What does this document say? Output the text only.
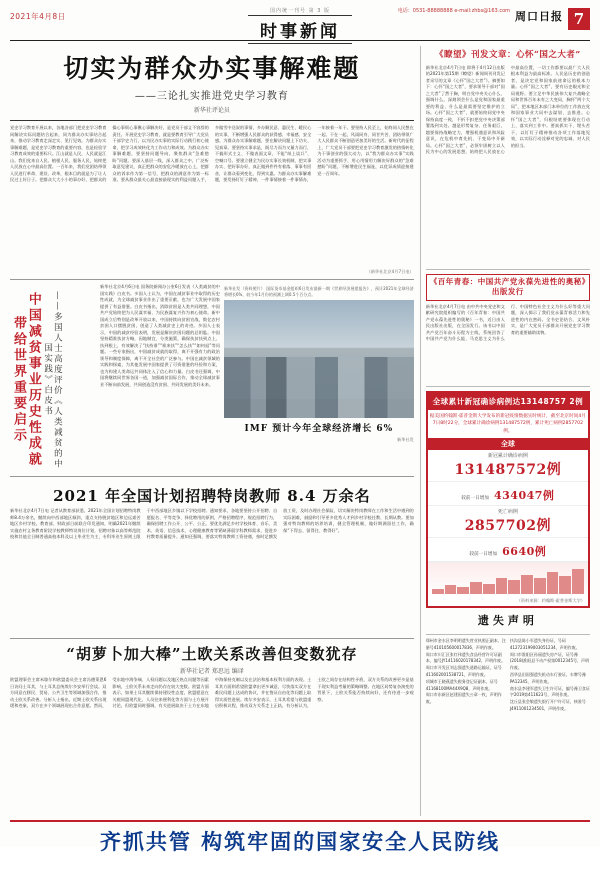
2021年4月8日
国内统一刊号 第 3 版
时事新闻
电话：0531-88888888 e-mail:zhbs@163.com 周口日报 7
切实为群众办实事解难题
——三论扎实推进党史学习教育
新华社评论员
党史学习教育开展以来，各地各部门把党史学习教育同解决实际问题结合起来，同为群众办实事结合起来，推动学习教育走深走实、见行见效。为群众办实事解难题，是党史学习教育的重要内容，也是检验学习教育成效的重要标尺。江山就是人民，人民就是江山。我们党来自人民、植根人民、服务人民，始终把人民放在心中最高位置。一百年来，我们党团结带领人民进行革命、建设、改革，根本目的就是为了让人民过上好日子。把群众大大小小的事办好，把群众的操心事烦心事揪心事解决好，是党员干部义不容辞的责任。开展党史学习教育，就是要教育引导广大党员干部学史力行，以为民办实事的实际行动践行初心使命，把学习成效转化为工作动力和成效。为群众办实事解难题，要坚持问题导向，聚焦群众“急难愁盼”问题。要深入基层一线，深入群众之中，广泛听取意见建议，真正把群众的安危冷暖放在心上，把群众的诉求作为第一信号，把群众的满意作为第一标准。要从群众最关心最直接最现实的利益问题入手，多做雪中送炭的事情，多办顺民意、惠民生、暖民心的实事，不断增强人民群众的获得感、幸福感、安全感。为群众办实事解难题，要在解决问题上下功夫、见真章。要坚持实事求是，既尽力而为又量力而行，不搞形式主义、不做表面文章，不能“纸上谈兵”、空喊口号。要建立健全为民办实事长效机制，把实事办实、把好事办好，真正做到件件有着落、事事有回音，让群众看到变化、得到实惠。为群众办实事解难题，要发扬钉钉子精神，一件事情接着一件事情办，一年接着一年干。要坚持人民至上，始终同人民想在一起、干在一起，风雨同舟、同甘共苦，团结带领广大人民群众不断创造更加美好的生活。新时代的征程上，广大党员干部要把党史学习教育激发的热情转化为干事创业的强大动力，以“我为群众办实事”实践活动为重要抓手，用心用情用力解决好群众的“急难愁盼”问题，不断增进民生福祉，以优异成绩迎接建党一百周年。
（新华社北京4月7日电）
中国减贫事业历史性成就带给世界重要启示	——多国人士高度评价《人类减贫的中国实践》白皮书
新华社北京4月6日电 国务院新闻办公室6日发表《人类减贫的中国实践》白皮书。多国人士认为，中国在减贫事业中取得的历史性成就，为全球减贫事业作出了重要贡献，也为广大发展中国家提供了有益借鉴。白皮书指出，消除贫困是人类共同理想，中国共产党始终把为人民谋幸福、为民族谋复兴作为初心使命。新中国成立后特别是改革开放以来，中国持续向贫困宣战，数亿农村贫困人口摆脱贫困，创造了人类减贫史上的奇迹。多国人士表示，中国的减贫经验表明，发展是解决贫困问题的总钥匙。中国坚持精准扶贫方略，因地制宜、分类施策，确保扶贫扶到点上、扶到根上，有效解决了“扶持谁”“谁来扶”“怎么扶”“如何退”等问题。一些专家指出，中国减贫成就的取得，离不开强有力的政治领导和制度保障，离不开全社会的广泛参与。中国在减贫领域的实践和探索，为其他发展中国家提供了可资借鉴的经验和方案，也为构建人类命运共同体注入了信心和力量。白皮书还强调，中国将继续同世界各国一道，加强减贫国际合作，推动全球减贫事业不断向前发展，共同创造没有贫困、共同发展的美好未来。
新华社发（资料照片） 国际货币基金组织6日发布最新一期《世界经济展望报告》，预计2021年全球经济将增长6%，较今年1月份的预测上调0.5个百分点。
IMF 预计今年全球经济增长 6%
新华社发
2021 年全国计划招聘特岗教师 8.4 万余名
新华社北京4月7日电 记者从教育部获悉，2021年全国计划招聘特岗教师8.4万余名，继续向中西部地区倾斜，重点支持脱贫地区和边远艰苦地区乡村学校。教育部、财政部日前联合印发通知，明确2021年继续实施农村义务教育阶段学校教师特设岗位计划，招聘对象以高等师范院校和其他全日制普通高校本科及以上毕业生为主，专科毕业生原则上限于中西部地区乡镇以下学校招聘。通知要求，各地要坚持公开招聘、自愿报名、平等竞争、择优聘用的原则，严格招聘程序，规范招聘行为，确保招聘工作公开、公平、公正。要优先满足乡村学校体育、音乐、美术、英语、信息技术、心理健康教育等紧缺薄弱学科教师需求，促进乡村教育质量提升。通知还强调，要落实特岗教师工资待遇，按时足额发放工资，及时办理社会保险，切实解决特岗教师在工作和生活中遇到的实际困难，鼓励和引导更多优秀人才到乡村学校任教、长期从教。要加强对特岗教师的培养培训，健全管理机制，做好期满留任工作，确保“下得去、留得住、教得好”。
“胡萝卜加大棒”土欧关系改善但变数犹存
新华社记者 郑思远 编译
欧盟理事会主席米歇尔和欧盟委员会主席冯德莱恩6日访问土耳其，与土耳其总统埃尔多安举行会谈。双方同意在移民、贸易、公共卫生等领域加强合作，推动土欧关系改善。分析人士指出，近期土欧关系出现缓和迹象，双方在多个领域展现出合作意愿。然而，受东地中海争端、人权问题以及地区热点问题等因素影响，土欧关系未来走向仍存在较大变数。欧盟方面表示，如果土耳其继续保持建设性态度，欧盟愿意在关税同盟现代化、人员往来便利化等方面与土方展开讨论。但欧盟同时强调，有关进展取决于土方在东地中海保持克制以及在法治和基本权利方面的表现。土耳其方面则希望欧盟拿出更多诚意，尽快落实双方在难民问题上达成的协议，并在签证自由化等问题上取得实质性进展。埃尔多安表示，土耳其希望与欧盟重启积极议程，推动双方关系走上正轨。有分析认为，土欧之间存在结构性矛盾，双方关系的改善更多是基于现实利益考量的策略调整。在地区局势复杂演变的背景下，土欧关系能否持续向好，还有待进一步观察。
《瞭望》刊发文章：心怀“国之大者”
新华社北京4月7日电 即将于4月12日出版的2021年第15期《瞭望》新闻周刊刊发记者采写的文章《心怀“国之大者”》。摘要如下：心怀“国之大者”，要求领导干部对“国之大者”了然于胸，明白党中央关心什么、强调什么，深刻领会什么是党和国家最重要的利益、什么是最需要坚定维护的立场。心怀“国之大者”，就要始终同党中央保持高度一致，不折不扣把党中央决策部署落到实处。越是形势复杂、任务艰巨，越要保持战略定力，增强机遇意识和风险意识，在危机中育先机、于变局中开新局。心怀“国之大者”，必须牢固树立以人民为中心的发展思想，始终把人民放在心中最高位置，一切工作都要以最广大人民根本利益为最高标准。人民是历史的创造者，是决定党和国家前途命运的根本力量。心怀“国之大者”，要有历史眼光和全局视野。要立足中华民族伟大复兴战略全局和世界百年未有之大变局，胸怀“两个大局”，把本地区本部门本单位的工作放在党和国家事业大局中去谋划、去推进。心怀“国之大者”，归根结底要体现在行动上、落实到工作中。要真抓实干、埋头苦干，以钉钉子精神推动各项工作落地见效，以实际行动诠释对党的忠诚、对人民的担当。
《百年青春：中国共产党永葆先进性的奥秘》出版发行
新华社北京4月7日电 由中共中央党史和文献研究院组织编写的《百年青春：中国共产党永葆先进性的奥秘》一书，近日由人民出版社出版，在全国发行。该书以中国共产党百年奋斗历程为主线，系统回答了中国共产党为什么能、马克思主义为什么行、中国特色社会主义为什么好等重大问题，深入揭示了我们党永葆青春活力和先进性的内在密码。全书史论结合、文风朴实，是广大党员干部群众开展党史学习教育的重要辅助读物。
全球累计新冠确诊病例达13148757 2例
据美国约翰斯·霍普金斯大学发布的新冠疫情数据实时统计，截至北京时间4月7日8时22分，全球累计确诊病例131487572例，累计死亡病例2857702例。
全球
新冠累计确诊病例
131487572例
较前一日增加 434047例
死亡病例
2857702例
较前一日增加 6640例
（资料来源：约翰斯·霍普金斯大学）
遗失声明
郑州市金水区李明明遗失营业执照正副本，注册号410105600017836，声明作废。
周口市川汇区张红伟遗失食品经营许可证副本，编号JY14116020178342，声明作废。
周口市开发区刘志强遗失道路运输证，证号411602001538721，声明作废。
项城市王晓燕遗失税务登记证副本，证号41168100MA44X9Q8，声明作废。
周口市东新区赵建国遗失公章一枚，声明作废。
扶沟县陈小军遗失身份证，号码412723199003051234，声明作废。
周口市淮阳区孙丽遗失房产证，证号豫(2018)淮阳县不动产权第0012345号，声明作废。
西华县田国强遗失机动车行驶证，车牌号豫PA12345，声明作废。
商水县李建军遗失卫生许可证，编号豫卫食证字2019第411623号，声明作废。
沈丘县张会敏遗失银行开户许可证，核准号J4911001234501，声明作废。
齐抓共管 构筑牢固的国家安全人民防线
